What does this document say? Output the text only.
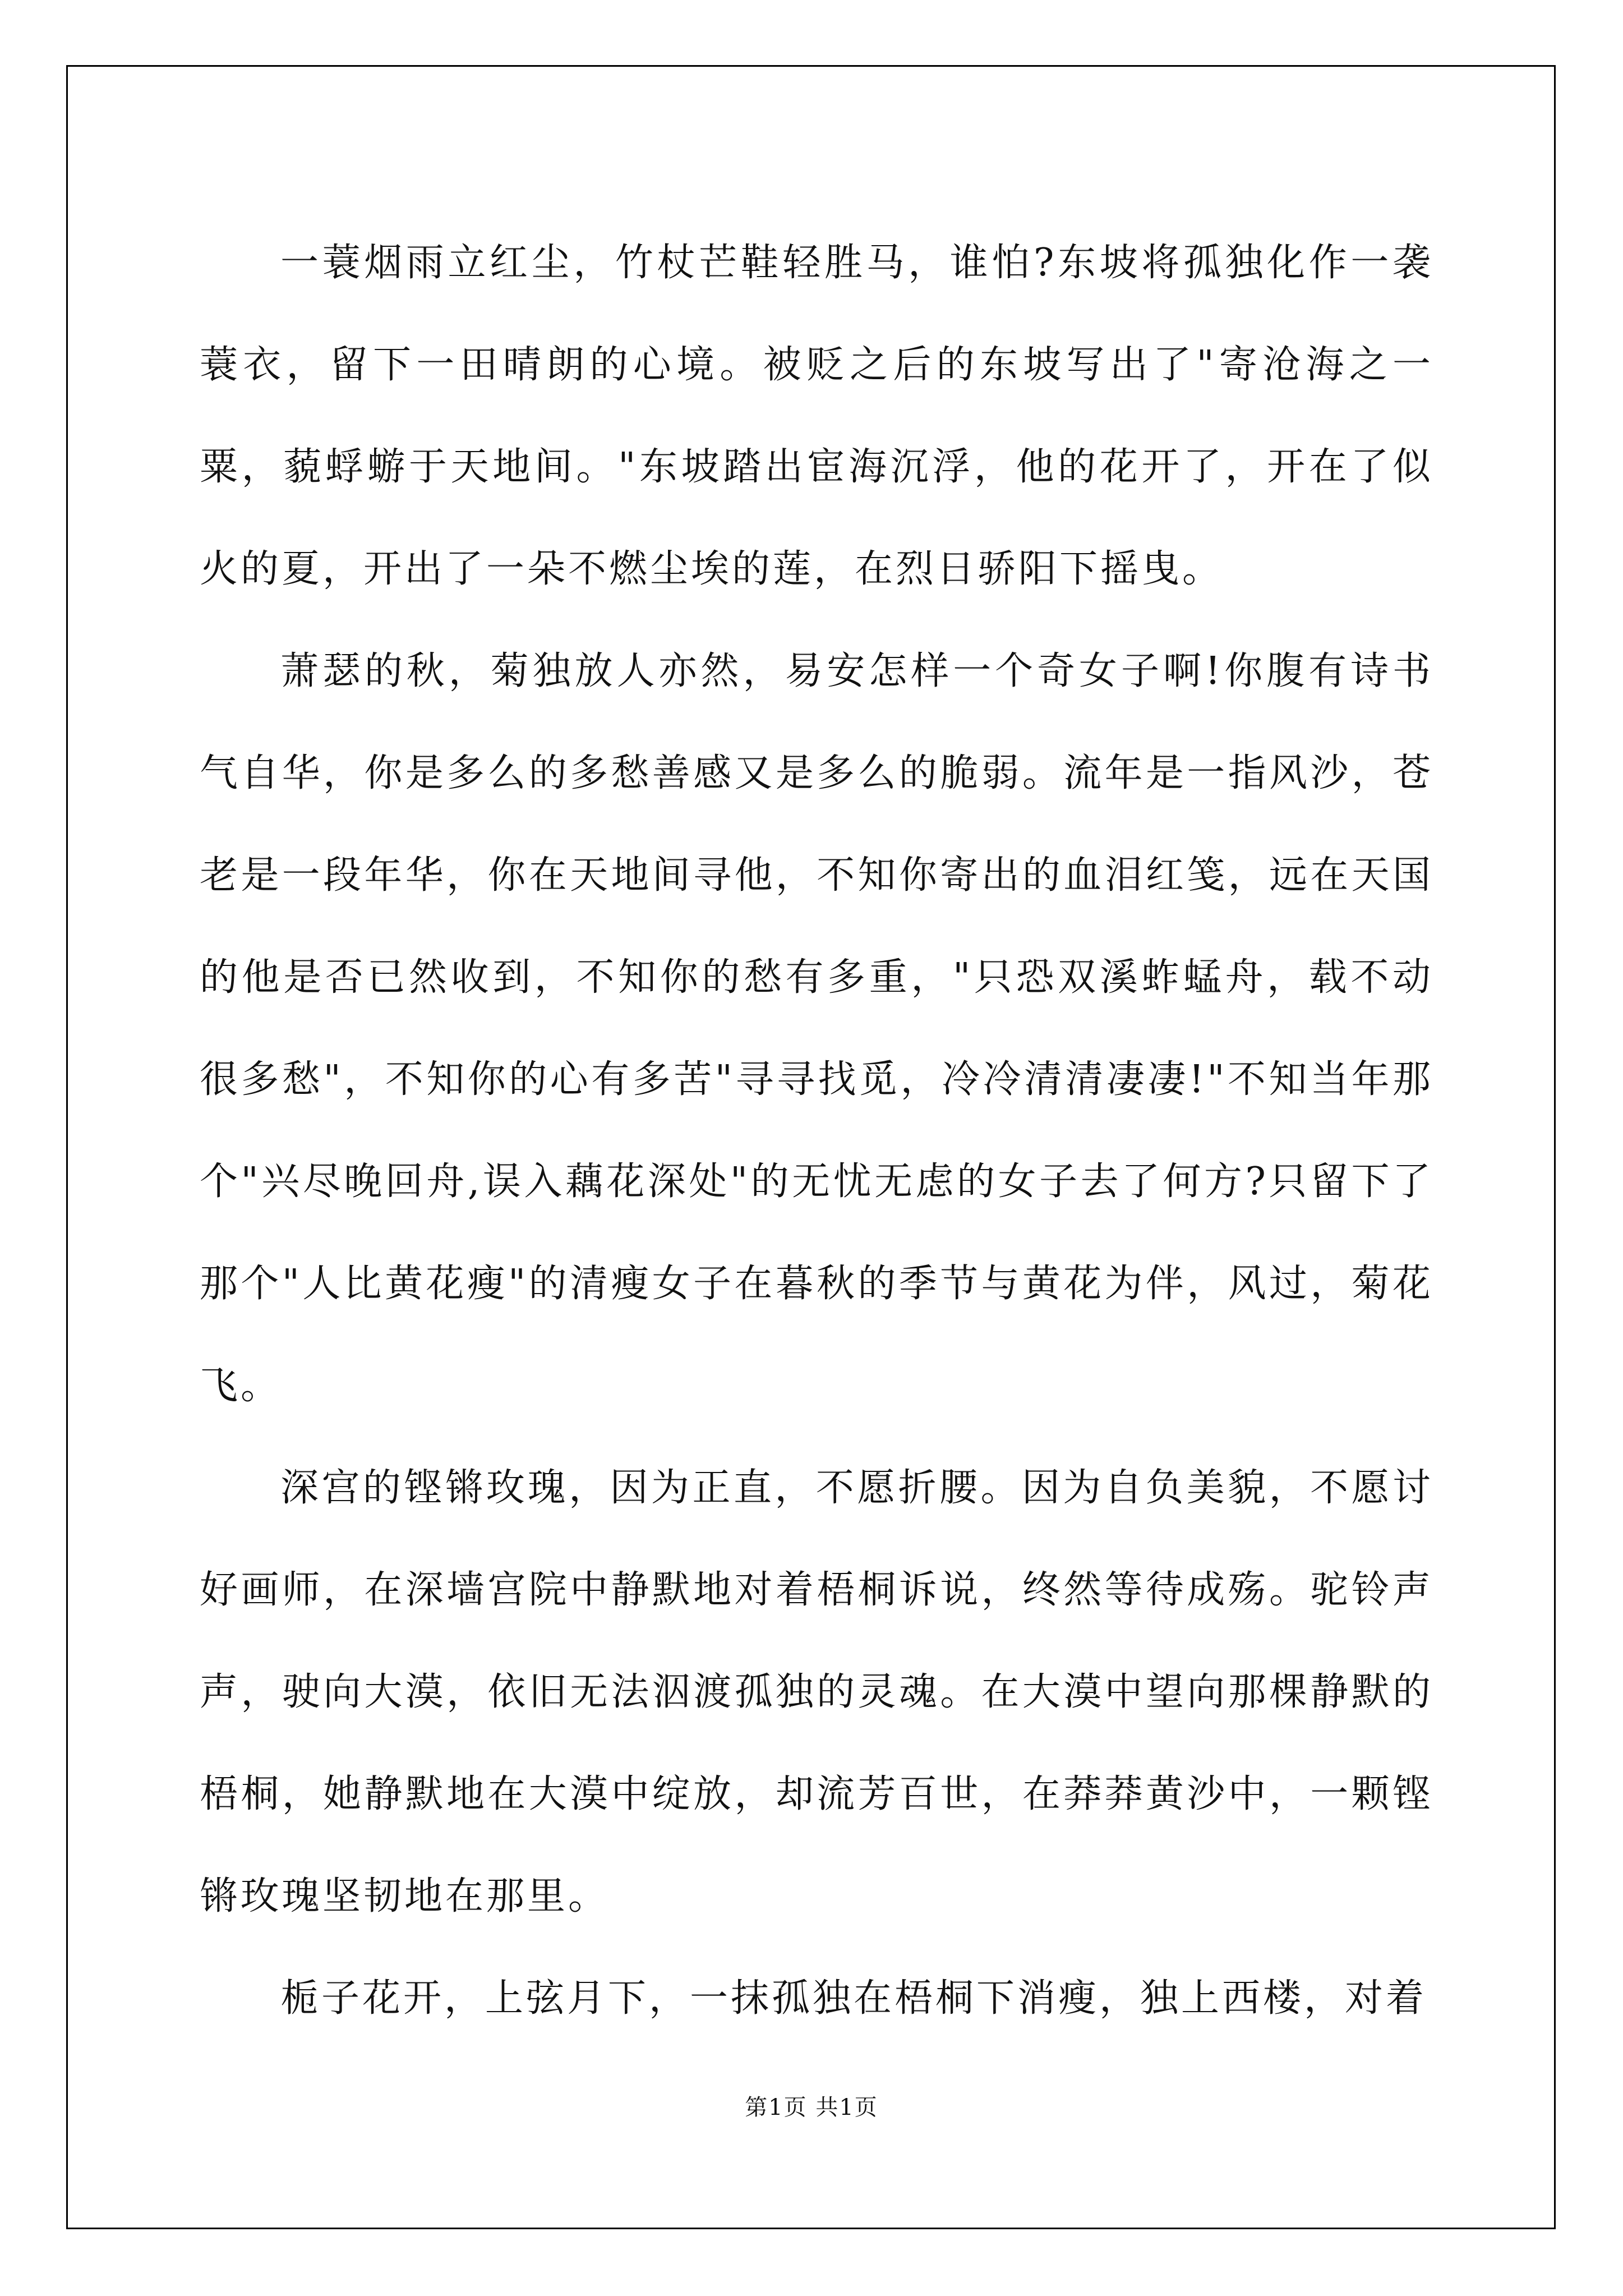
一蓑烟雨立红尘，竹杖芒鞋轻胜马，谁怕?东坡将孤独化作一袭蓑衣，留下一田晴朗的心境。被贬之后的东坡写出了"寄沧海之一粟，藐蜉蝣于天地间。"东坡踏出宦海沉浮，他的花开了，开在了似火的夏，开出了一朵不燃尘埃的莲，在烈日骄阳下摇曳。

萧瑟的秋，菊独放人亦然，易安怎样一个奇女子啊!你腹有诗书气自华，你是多么的多愁善感又是多么的脆弱。流年是一指风沙，苍老是一段年华，你在天地间寻他，不知你寄出的血泪红笺，远在天国的他是否已然收到，不知你的愁有多重，"只恐双溪蚱蜢舟，载不动很多愁"，不知你的心有多苦"寻寻找觅，冷冷清清凄凄!"不知当年那个"兴尽晚回舟,误入藕花深处"的无忧无虑的女子去了何方?只留下了那个"人比黄花瘦"的清瘦女子在暮秋的季节与黄花为伴，风过，菊花飞。

深宫的铿锵玫瑰，因为正直，不愿折腰。因为自负美貌，不愿讨好画师，在深墙宫院中静默地对着梧桐诉说，终然等待成殇。驼铃声声，驶向大漠，依旧无法泅渡孤独的灵魂。在大漠中望向那棵静默的梧桐，她静默地在大漠中绽放，却流芳百世，在莽莽黄沙中，一颗铿锵玫瑰坚韧地在那里。

栀子花开，上弦月下，一抹孤独在梧桐下消瘦，独上西楼，对着

第1页 共1页
